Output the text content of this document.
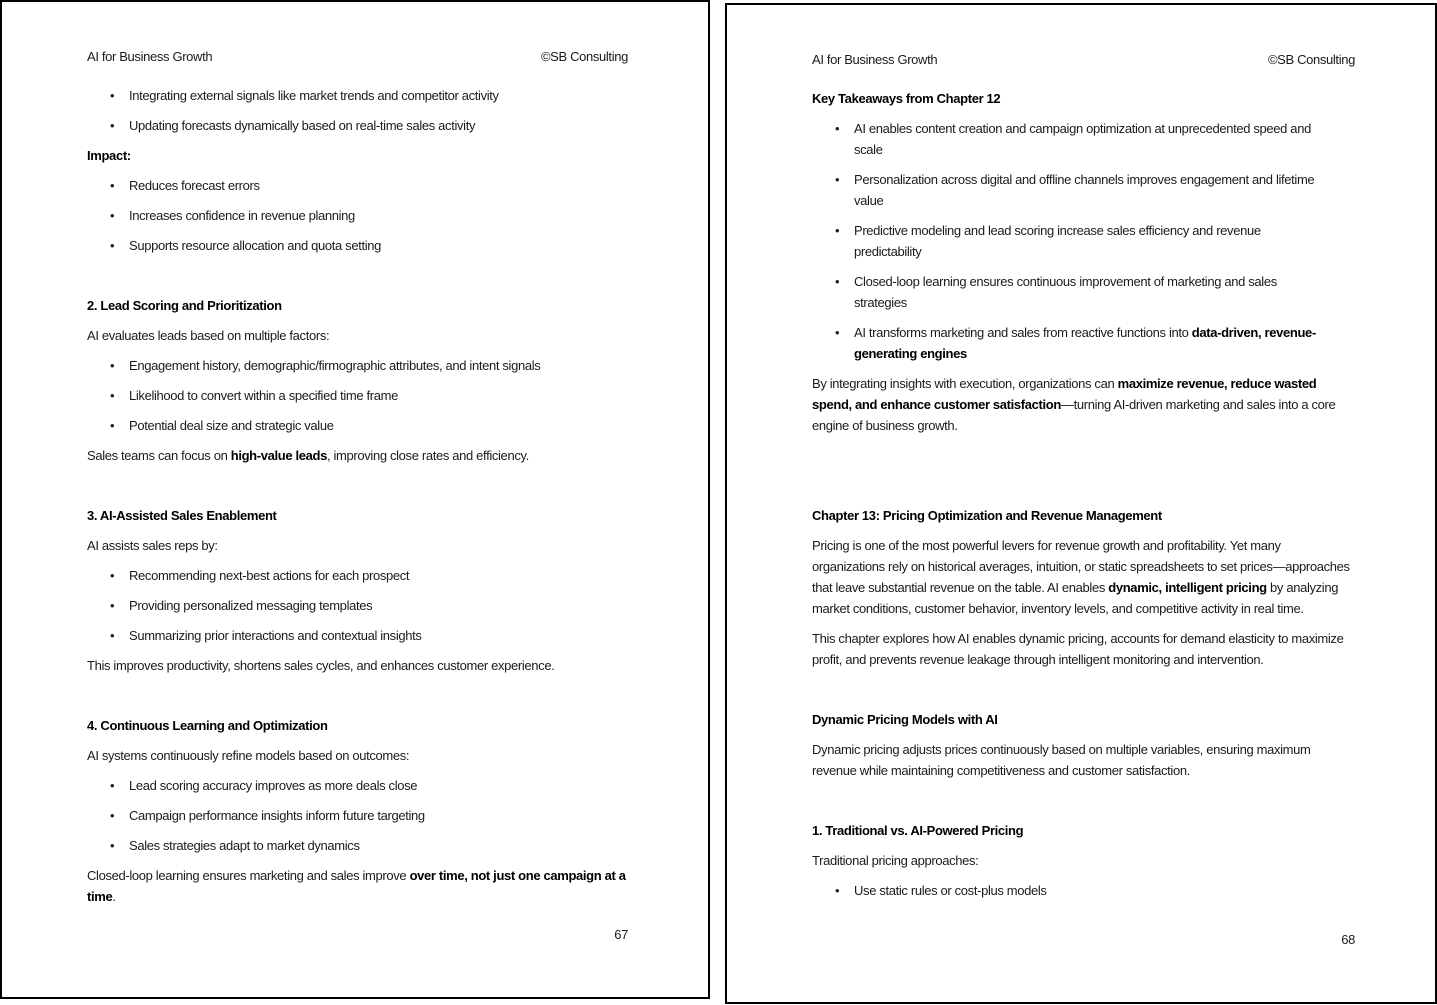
AI for Business Growth	©SB Consulting
• Integrating external signals like market trends and competitor activity
• Updating forecasts dynamically based on real-time sales activity
Impact:
• Reduces forecast errors
• Increases confidence in revenue planning
• Supports resource allocation and quota setting
2. Lead Scoring and Prioritization

AI evaluates leads based on multiple factors:

• Engagement history, demographic/firmographic attributes, and intent signals
• Likelihood to convert within a specified time frame
• Potential deal size and strategic value

Sales teams can focus on high-value leads, improving close rates and efficiency.

3. AI-Assisted Sales Enablement

AI assists sales reps by:

• Recommending next-best actions for each prospect
• Providing personalized messaging templates
• Summarizing prior interactions and contextual insights

This improves productivity, shortens sales cycles, and enhances customer experience.

4. Continuous Learning and Optimization

AI systems continuously refine models based on outcomes:

• Lead scoring accuracy improves as more deals close
• Campaign performance insights inform future targeting
• Sales strategies adapt to market dynamics

Closed-loop learning ensures marketing and sales improve over time, not just one campaign at a time.

67
AI for Business Growth	©SB Consulting
Key Takeaways from Chapter 12
• AI enables content creation and campaign optimization at unprecedented speed and scale
• Personalization across digital and offline channels improves engagement and lifetime value
• Predictive modeling and lead scoring increase sales efficiency and revenue predictability
• Closed-loop learning ensures continuous improvement of marketing and sales strategies
• AI transforms marketing and sales from reactive functions into data-driven, revenue-generating engines

By integrating insights with execution, organizations can maximize revenue, reduce wasted spend, and enhance customer satisfaction—turning AI-driven marketing and sales into a core engine of business growth.

Chapter 13: Pricing Optimization and Revenue Management

Pricing is one of the most powerful levers for revenue growth and profitability. Yet many organizations rely on historical averages, intuition, or static spreadsheets to set prices—approaches that leave substantial revenue on the table. AI enables dynamic, intelligent pricing by analyzing market conditions, customer behavior, inventory levels, and competitive activity in real time.

This chapter explores how AI enables dynamic pricing, accounts for demand elasticity to maximize profit, and prevents revenue leakage through intelligent monitoring and intervention.

Dynamic Pricing Models with AI

Dynamic pricing adjusts prices continuously based on multiple variables, ensuring maximum revenue while maintaining competitiveness and customer satisfaction.

1. Traditional vs. AI-Powered Pricing

Traditional pricing approaches:

• Use static rules or cost-plus models
68
